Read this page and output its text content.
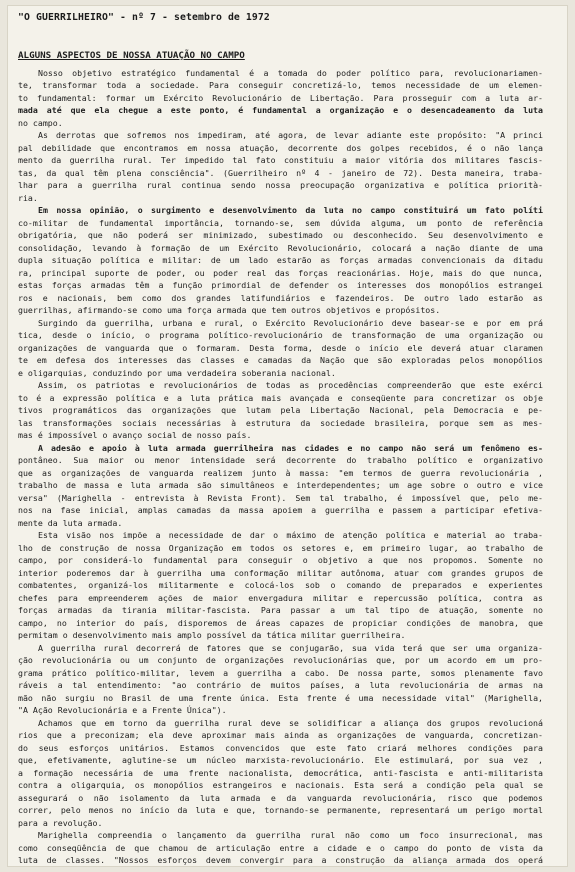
"O GUERRILHEIRO" - nº 7 - setembro de 1972
ALGUNS ASPECTOS DE NOSSA ATUAÇÃO NO CAMPO
Nosso objetivo estratégico fundamental é a tomada do poder político para, revolucionariamen-
te, transformar toda a sociedade. Para conseguir concretizá-lo, temos necessidade de um elemen-
to fundamental: formar um Exército Revolucionário de Libertação. Para prosseguir com a luta ar-
mada até que ela chegue a este ponto, é fundamental a organização e o desencadeamento da luta
no campo.
As derrotas que sofremos nos impediram, até agora, de levar adiante este propósito: "A princi
pal debilidade que encontramos em nossa atuação, decorrente dos golpes recebidos, é o não lança
mento da guerrilha rural. Ter impedido tal fato constituiu a maior vitória dos militares fascis-
tas, da qual têm plena consciência". (Guerrilheiro nº 4 - janeiro de 72). Desta maneira, traba-
lhar para a guerrilha rural continua sendo nossa preocupação organizativa e política priorità-
ria.
Em nossa opinião, o surgimento e desenvolvimento da luta no campo constituirá um fato políti
co-militar de fundamental importância, tornando-se, sem dúvida alguma, um ponto de referência
obrigatória, que não poderá ser minimizado, subestimado ou desconhecido. Seu desenvolvimento e
consolidação, levando à formação de um Exército Revolucionário, colocará a nação diante de uma
dupla situação política e militar: de um lado estarão as forças armadas convencionais da ditadu
ra, principal suporte de poder, ou poder real das forças reacionárias. Hoje, mais do que nunca,
estas forças armadas têm a função primordial de defender os interesses dos monopólios estrangei
ros e nacionais, bem como dos grandes latifundiários e fazendeiros. De outro lado estarão as
guerrilhas, afirmando-se como uma força armada que tem outros objetivos e propósitos.
Surgindo da guerrilha, urbana e rural, o Exército Revolucionário deve basear-se e por em prá
tica, desde o início, o programa político-revolucionário de transformação de uma organização ou
organizações de vanguarda que o formaram. Desta forma, desde o início ele deverá atuar claramen
te em defesa dos interesses das classes e camadas da Nação que são exploradas pelos monopólios
e oligarquias, conduzindo por uma verdadeira soberania nacional.
Assim, os patriotas e revolucionários de todas as procedências compreenderão que este exérci
to é a expressão política e a luta prática mais avançada e conseqüente para concretizar os obje
tivos programáticos das organizações que lutam pela Libertação Nacional, pela Democracia e pe-
las transformações sociais necessárias à estrutura da sociedade brasileira, porque sem as mes-
mas é impossível o avanço social de nosso país.
A adesão e apoio à luta armada guerrilheira nas cidades e no campo não será um fenômeno es-
pontâneo. Sua maior ou menor intensidade será decorrente do trabalho político e organizativo
que as organizações de vanguarda realizem junto à massa: "em termos de guerra revolucionária ,
trabalho de massa e luta armada são simultâneos e interdependentes; um age sobre o outro e vice
versa" (Marighella - entrevista à Revista Front). Sem tal trabalho, é impossível que, pelo me-
nos na fase inicial, amplas camadas da massa apoiem a guerrilha e passem a participar efetiva-
mente da luta armada.
Esta visão nos impõe a necessidade de dar o máximo de atenção política e material ao traba-
lho de construção de nossa Organização em todos os setores e, em primeiro lugar, ao trabalho de
campo, por considerá-lo fundamental para conseguir o objetivo a que nos propomos. Somente no
interior poderemos dar à guerrilha uma conformação militar autônoma, atuar com grandes grupos de
combatentes, organizá-los militarmente e colocá-los sob o comando de preparados e experientes
chefes para empreenderem ações de maior envergadura militar e repercussão política, contra as
forças armadas da tirania militar-fascista. Para passar a um tal tipo de atuação, somente no
campo, no interior do país, disporemos de áreas capazes de propiciar condições de manobra, que
permitam o desenvolvimento mais amplo possível da tática militar guerrilheira.
A guerrilha rural decorrerá de fatores que se conjugarão, sua vida terá que ser uma organiza-
ção revolucionária ou um conjunto de organizações revolucionárias que, por um acordo em um pro-
grama prático político-militar, levem a guerrilha a cabo. De nossa parte, somos plenamente favo
ráveis a tal entendimento: "ao contrário de muitos países, a luta revolucionária de armas na
mão não surgiu no Brasil de uma frente única. Esta frente é uma necessidade vital" (Marighella,
"A Ação Revolucionária e a Frente Única").
Achamos que em torno da guerrilha rural deve se solidificar a aliança dos grupos revolucioná
rios que a preconizam; ela deve aproximar mais ainda as organizações de vanguarda, concretizan-
do seus esforços unitários. Estamos convencidos que este fato criará melhores condições para
que, efetivamente, aglutine-se um núcleo marxista-revolucionário. Ele estimulará, por sua vez ,
a formação necessária de uma frente nacionalista, democrática, anti-fascista e anti-militarista
contra a oligarquia, os monopólios estrangeiros e nacionais. Esta será a condição pela qual se
assegurará o não isolamento da luta armada e da vanguarda revolucionária, risco que podemos
correr, pelo menos no início da luta e que, tornando-se permanente, representará um perigo mortal
para a revolução.
Marighella compreendia o lançamento da guerrilha rural não como um foco insurrecional, mas
como conseqüência de que chamou de articulação entre a cidade e o campo do ponto de vista da
luta de classes. "Nossos esforços devem convergir para a construção da aliança armada dos operá
